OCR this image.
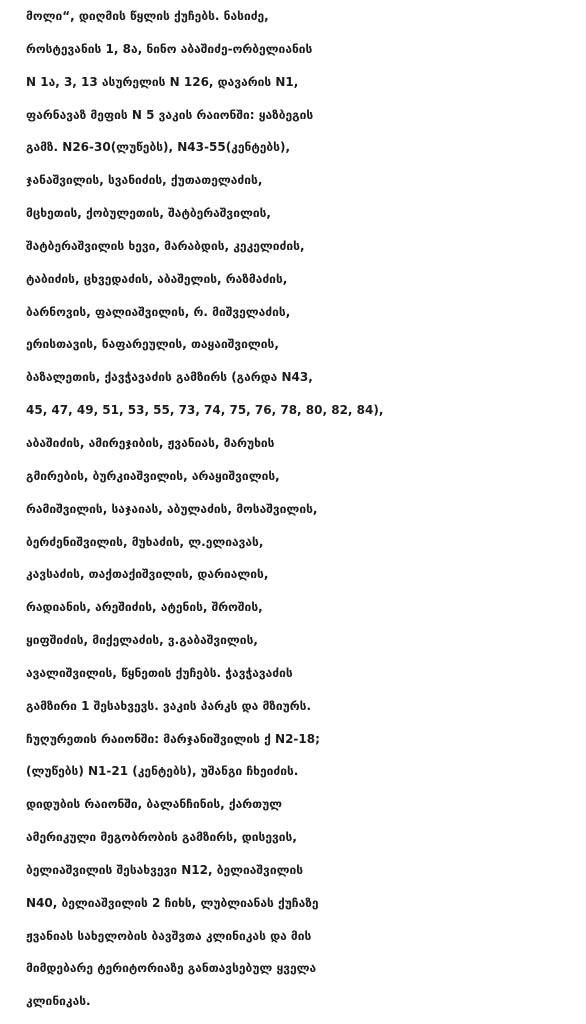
მოლი“, დიღმის წყლის ქუჩებს. ნასიძე,
როსტევანის 1, 8ა, ნინო აბაშიძე-ორბელიანის
N 1ა, 3, 13 ასურელის N 126, დავარის N1,
ფარნავაზ მეფის N 5 ვაკის რაიონში: ყაზბეგის
გამზ. N26-30(ლუწებს), N43-55(კენტებს),
ჯანაშვილის, სვანიძის, ქუთათელაძის,
მცხეთის, ქობულეთის, შატბერაშვილის,
შატბერაშვილის ხევი, მარაბდის, კეკელიძის,
ტაბიძის, ცხვედაძის, აბაშელის, რაზმაძის,
ბარნოვის, ფალიაშვილის, რ. მიშველაძის,
ერისთავის, ნაფარეულის, თაყაიშვილის,
ბაზალეთის, ქავჭავაძის გამზირს (გარდა N43,
45, 47, 49, 51, 53, 55, 73, 74, 75, 76, 78, 80, 82, 84),
აბაშიძის, ამირეჯიბის, ჟვანიას, მარუხის
გმირების, ბურკიაშვილის, არაყიშვილის,
რამიშვილის, საჯაიას, აბულაძის, მოსაშვილის,
ბერძენიშვილის, მუხაძის, ლ.ელიავას,
კავსაძის, თაქთაქიშვილის, დარიალის,
რადიანის, არეშიძის, ატენის, შროშის,
ყიფშიძის, მიქელაძის, ვ.გაბაშვილის,
ავალიშვილის, წყნეთის ქუჩებს. ჭავჭავაძის
გამზირი 1 შესახვევს. ვაკის პარკს და მზიურს.
ჩუღურეთის რაიონში: მარჯანიშვილის ქ N2-18;
(ლუწებს) N1-21 (კენტებს), უშანგი ჩხეიძის.
დიდუბის რაიონში, ბალანჩინის, ქართულ
ამერიკული მეგობრობის გამზირს, დისევის,
ბელიაშვილის შესახვევი N12, ბელიაშვილის
N40, ბელიაშვილის 2 ჩიხს, ლუბლიანას ქუჩაზე
ჟვანიას სახელობის ბავშვთა კლინიკას და მის
მიმდებარე ტერიტორიაზე განთავსებულ ყველა
კლინიკას.
